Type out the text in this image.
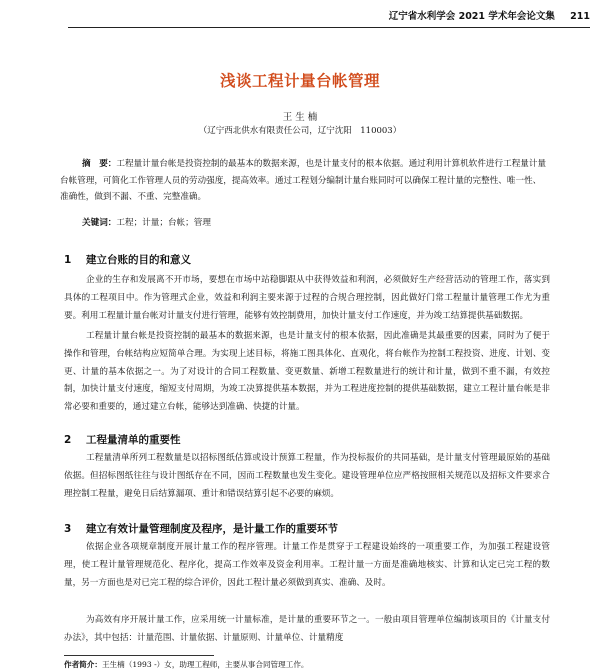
辽宁省水利学会 2021 学术年会论文集 211
浅谈工程计量台帐管理
王 生 楠
（辽宁西北供水有限责任公司，辽宁沈阳　110003）
摘　要：工程量计量台帐是投资控制的最基本的数据来源，也是计量支付的根本依据。通过利用计算机软件进行工程量计量台帐管理，可简化工作管理人员的劳动强度，提高效率。通过工程划分编制计量台账同时可以确保工程计量的完整性、唯一性、准确性，做到不漏、不重、完整准确。
关键词：工程；计量；台帐；管理
1 建立台账的目的和意义
企业的生存和发展离不开市场，要想在市场中站稳脚跟从中获得效益和利润，必须做好生产经营活动的管理工作，落实到具体的工程项目中。作为管理式企业，效益和利润主要来源于过程的合规合理控制，因此做好门常工程量计量管理工作尤为重要。利用工程量计量台帐对计量支付进行管理，能够有效控制费用，加快计量支付工作速度，并为竣工结算提供基础数据。
工程量计量台帐是投资控制的最基本的数据来源，也是计量支付的根本依据，因此准确是其最重要的因素，同时为了便于操作和管理，台帐结构应短简单合理。为实现上述目标，将施工图具体化、直观化，将台帐作为控制工程投资、进度、计划、变更、计量的基本依据之一。为了对设计的合同工程数量、变更数量、新增工程数量进行的统计和计量，做到不重不漏，有效控制，加快计量支付速度，缩短支付周期，为竣工决算提供基本数据，并为工程进度控制的提供基础数据，建立工程计量台帐是非常必要和重要的，通过建立台帐，能够达到准确、快捷的计量。
2 工程量清单的重要性
工程量清单所列工程数量是以招标图纸估算或设计预算工程量，作为投标报价的共同基础，是计量支付管理最原始的基础依据。但招标图纸往往与设计图纸存在不同，因而工程数量也发生变化。建设管理单位应严格按照相关规范以及招标文件要求合理控制工程量，避免日后结算漏项、重计和错误结算引起不必要的麻烦。
3 建立有效计量管理制度及程序，是计量工作的重要环节
依据企业各项规章制度开展计量工作的程序管理。计量工作是贯穿于工程建设始终的一项重要工作，为加强工程建设管理，使工程计量管理规范化、程序化，提高工作效率及资金利用率。工程计量一方面是准确地核实、计算和认定已完工程的数量，另一方面也是对已完工程的综合评价，因此工程计量必须做到真实、准确、及时。
为高效有序开展计量工作，应采用统一计量标准，是计量的重要环节之一。一般由项目管理单位编制该项目的《计量支付办法》，其中包括：计量范围、计量依据、计量原则、计量单位、计量精度
作者简介：王生楠（1993 -）女，助理工程师，主要从事合同管理工作。
